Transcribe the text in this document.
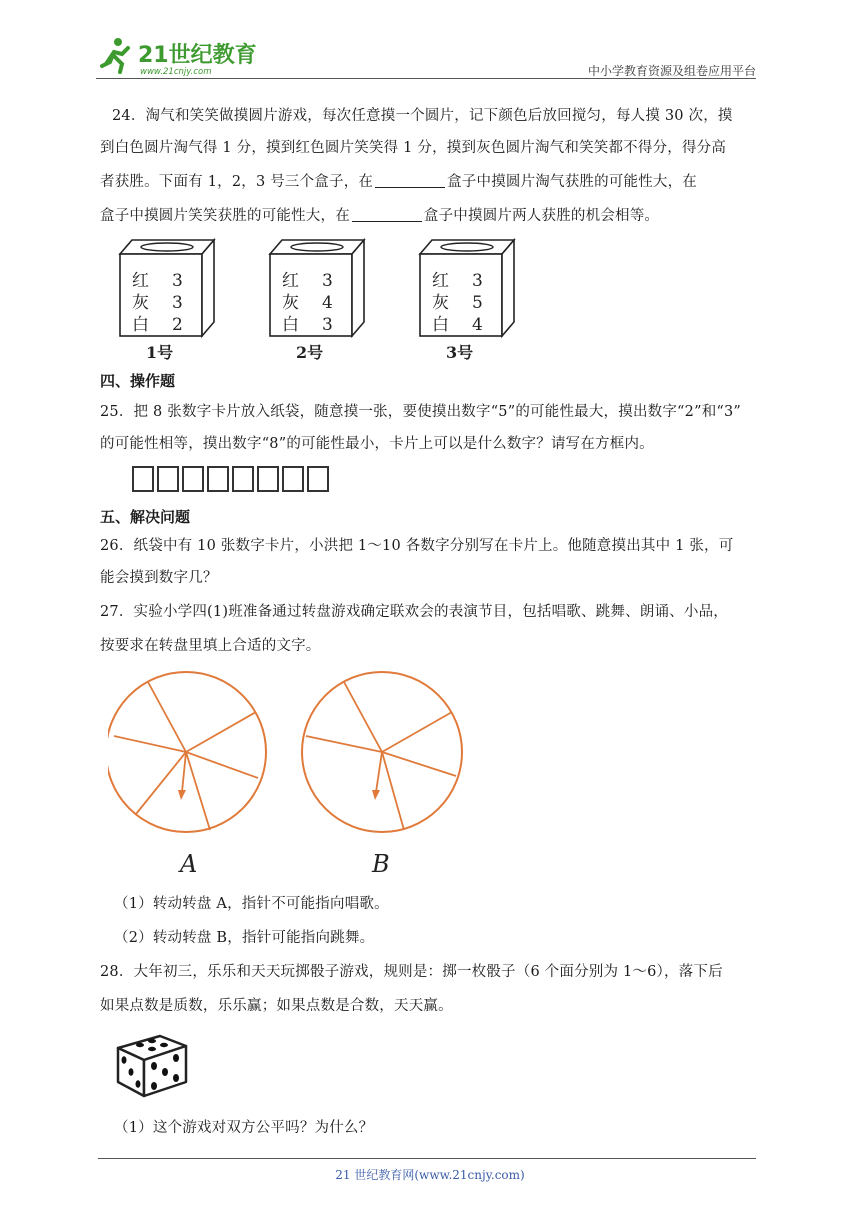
21世纪教育
www.21cnjy.com	中小学教育资源及组卷应用平台
24．淘气和笑笑做摸圆片游戏，每次任意摸一个圆片，记下颜色后放回搅匀，每人摸 30 次，摸
到白色圆片淘气得 1 分，摸到红色圆片笑笑得 1 分，摸到灰色圆片淘气和笑笑都不得分，得分高
者获胜。下面有 1，2，3 号三个盒子，在	盒子中摸圆片淘气获胜的可能性大，在
盒子中摸圆片笑笑获胜的可能性大，在	盒子中摸圆片两人获胜的机会相等。
红 3
灰 3
白 2
1号
红 3
灰 4
白 3
2号
红 3
灰 5
白 4
3号
四、操作题
25．把 8 张数字卡片放入纸袋，随意摸一张，要使摸出数字“5”的可能性最大，摸出数字“2”和“3”
的可能性相等，摸出数字“8”的可能性最小，卡片上可以是什么数字？请写在方框内。
五、解决问题
26．纸袋中有 10 张数字卡片，小洪把 1～10 各数字分别写在卡片上。他随意摸出其中 1 张，可
能会摸到数字几？
27．实验小学四(1)班准备通过转盘游戏确定联欢会的表演节目，包括唱歌、跳舞、朗诵、小品，
按要求在转盘里填上合适的文字。
A	B
（1）转动转盘 A，指针不可能指向唱歌。
（2）转动转盘 B，指针可能指向跳舞。
28．大年初三，乐乐和天天玩掷骰子游戏，规则是：掷一枚骰子（6 个面分别为 1～6），落下后
如果点数是质数，乐乐赢；如果点数是合数，天天赢。
（1）这个游戏对双方公平吗？为什么？
21 世纪教育网(www.21cnjy.com)
